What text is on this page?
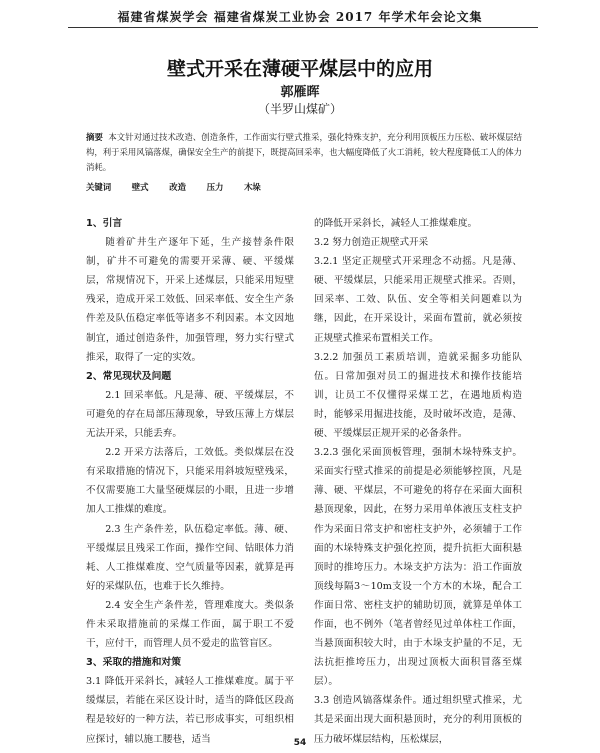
福建省煤炭学会 福建省煤炭工业协会 2017 年学术年会论文集
壁式开采在薄硬平煤层中的应用
郭雁晖
（半罗山煤矿）
摘要 本文针对通过技术改造、创造条件，工作面实行壁式推采，强化特殊支护，充分利用顶板压力压松、破坏煤层结构，利于采用风镐落煤，确保安全生产的前提下，既提高回采率，也大幅度降低了火工消耗，较大程度降低工人的体力消耗。
关键词 壁式 改造 压力 木垛
1、引言

随着矿井生产逐年下延，生产接替条件限制，矿井不可避免的需要开采薄、硬、平缓煤层，常规情况下，开采上述煤层，只能采用短壁残采，造成开采工效低、回采率低、安全生产条件差及队伍稳定率低等诸多不利因素。本文因地制宜，通过创造条件，加强管理，努力实行壁式推采，取得了一定的实效。

2、常见现状及问题

2.1 回采率低。凡是薄、硬、平缓煤层，不可避免的存在局部压薄现象，导致压薄上方煤层无法开采，只能丢弃。

2.2 开采方法落后，工效低。类似煤层在没有采取措施的情况下，只能采用斜坡短壁残采，不仅需要施工大量坚硬煤层的小眼，且进一步增加人工推煤的难度。

2.3 生产条件差，队伍稳定率低。薄、硬、平缓煤层且残采工作面，操作空间、钻眼体力消耗、人工推煤难度、空气质量等因素，就算是再好的采煤队伍，也难于长久维持。

2.4 安全生产条件差，管理难度大。类似条件未采取措施前的采煤工作面，属于职工不爱干，应付干，而管理人员不爱走的监管盲区。

3、采取的措施和对策

3.1 降低开采斜长，减轻人工推煤难度。属于平缓煤层，若能在采区设计时，适当的降低区段高程是较好的一种方法，若已形成事实，可组织相应探讨，辅以施工腰巷，适当

的降低开采斜长，减轻人工推煤难度。

3.2 努力创造正规壁式开采

3.2.1 坚定正规壁式开采理念不动摇。凡是薄、硬、平缓煤层，只能采用正规壁式推采。否则，回采率、工效、队伍、安全等相关问题难以为继，因此，在开采设计，采面布置前，就必须按正规壁式推采布置相关工作。

3.2.2 加强员工素质培训，造就采掘多功能队伍。日常加强对员工的掘进技术和操作技能培训，让员工不仅懂得采煤工艺，在遇地质构造时，能够采用掘进技能，及时破坏改造，是薄、硬、平缓煤层正规开采的必备条件。

3.2.3 强化采面顶板管理，强制木垛特殊支护。采面实行壁式推采的前提是必须能够控顶，凡是薄、硬、平煤层，不可避免的将存在采面大面积悬顶现象，因此，在努力采用单体液压支柱支护作为采面日常支护和密柱支护外，必须辅于工作面的木垛特殊支护强化控顶，提升抗拒大面积悬顶时的推垮压力。木垛支护方法为：沿工作面放顶线每隔3～10m支设一个方木的木垛，配合工作面日常、密柱支护的辅助切顶，就算是单体工作面，也不例外（笔者曾经见过单体柱工作面，当悬顶面积较大时，由于木垛支护量的不足，无法抗拒推垮压力，出现过顶板大面积冒落至煤层）。

3.3 创造风镐落煤条件。通过组织壁式推采，尤其是采面出现大面积悬顶时，充分的利用顶板的压力破坏煤层结构，压松煤层，

54
